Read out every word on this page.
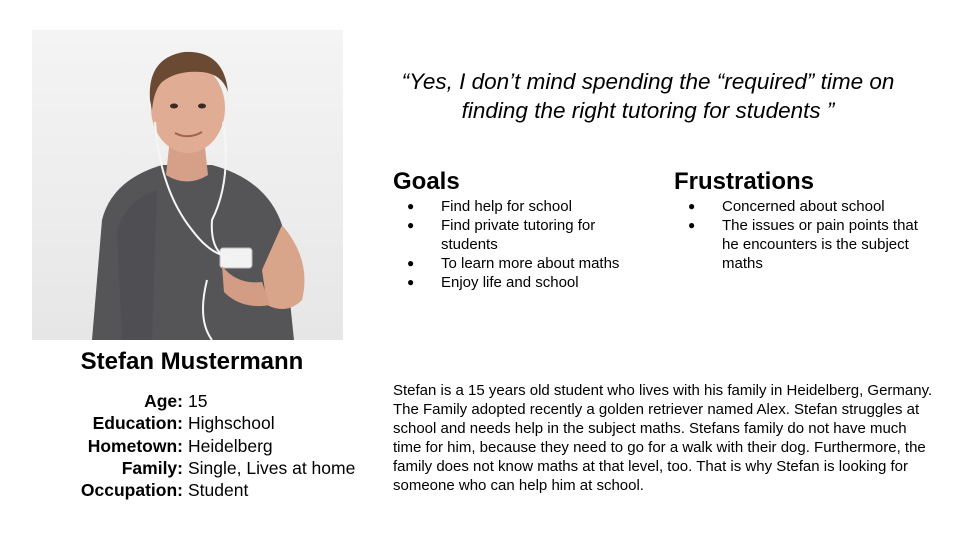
Stefan Mustermann
Age: 15
Education: Highschool
Hometown: Heidelberg
Family: Single, Lives at home
Occupation: Student
“Yes, I don’t mind spending the “required” time on finding the right tutoring for students ”
Goals
● Find help for school
● Find private tutoring for students
● To learn more about maths
● Enjoy life and school
Frustrations
● Concerned about school
● The issues or pain points that he encounters is the subject maths
Stefan is a 15 years old student who lives with his family in Heidelberg, Germany. The Family adopted recently a golden retriever named Alex. Stefan struggles at school and needs help in the subject maths. Stefans family do not have much time for him, because they need to go for a walk with their dog. Furthermore, the family does not know maths at that level, too. That is why Stefan is looking for someone who can help him at school.
